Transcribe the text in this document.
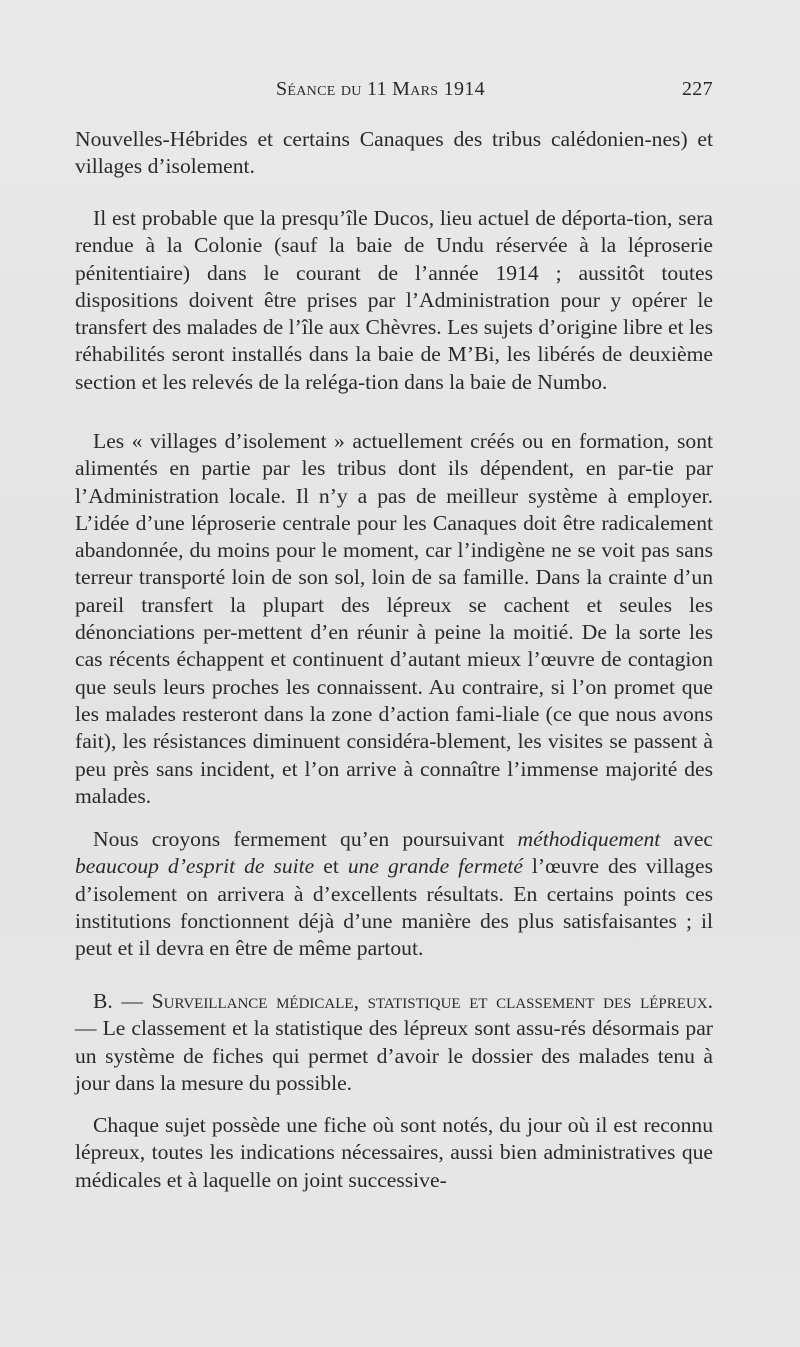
Séance du 11 Mars 1914	227

Nouvelles-Hébrides et certains Canaques des tribus calédonien-nes) et villages d’isolement.

Il est probable que la presqu’île Ducos, lieu actuel de déporta-tion, sera rendue à la Colonie (sauf la baie de Undu réservée à la léproserie pénitentiaire) dans le courant de l’année 1914 ; aussitôt toutes dispositions doivent être prises par l’Administration pour y opérer le transfert des malades de l’île aux Chèvres. Les sujets d’origine libre et les réhabilités seront installés dans la baie de M’Bi, les libérés de deuxième section et les relevés de la reléga-tion dans la baie de Numbo.

Les « villages d’isolement » actuellement créés ou en formation, sont alimentés en partie par les tribus dont ils dépendent, en par-tie par l’Administration locale. Il n’y a pas de meilleur système à employer. L’idée d’une léproserie centrale pour les Canaques doit être radicalement abandonnée, du moins pour le moment, car l’indigène ne se voit pas sans terreur transporté loin de son sol, loin de sa famille. Dans la crainte d’un pareil transfert la plupart des lépreux se cachent et seules les dénonciations per-mettent d’en réunir à peine la moitié. De la sorte les cas récents échappent et continuent d’autant mieux l’œuvre de contagion que seuls leurs proches les connaissent. Au contraire, si l’on promet que les malades resteront dans la zone d’action fami-liale (ce que nous avons fait), les résistances diminuent considéra-blement, les visites se passent à peu près sans incident, et l’on arrive à connaître l’immense majorité des malades.

Nous croyons fermement qu’en poursuivant méthodiquement avec beaucoup d’esprit de suite et une grande fermeté l’œuvre des villages d’isolement on arrivera à d’excellents résultats. En certains points ces institutions fonctionnent déjà d’une manière des plus satisfaisantes ; il peut et il devra en être de même partout.

B. — Surveillance médicale, statistique et classement des lépreux. — Le classement et la statistique des lépreux sont assu-rés désormais par un système de fiches qui permet d’avoir le dossier des malades tenu à jour dans la mesure du possible.

Chaque sujet possède une fiche où sont notés, du jour où il est reconnu lépreux, toutes les indications nécessaires, aussi bien administratives que médicales et à laquelle on joint successive-
